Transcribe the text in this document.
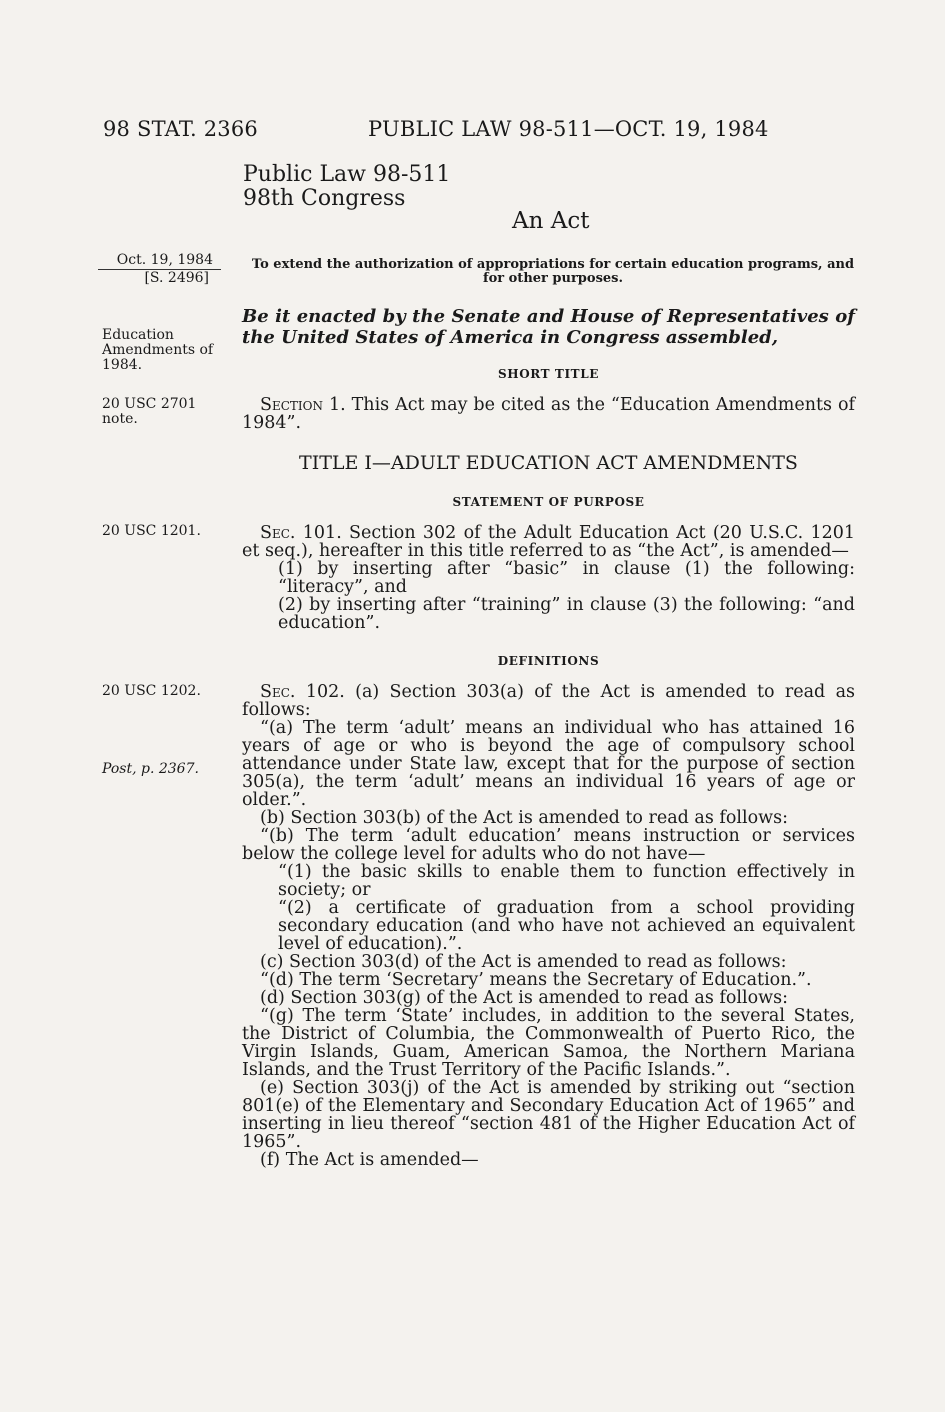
98 STAT. 2366	PUBLIC LAW 98-511—OCT. 19, 1984
Public Law 98-511
98th Congress
An Act
Oct. 19, 1984
[S. 2496]
To extend the authorization of appropriations for certain education programs, and for other purposes.
Be it enacted by the Senate and House of Representatives of the United States of America in Congress assembled,
Education Amendments of 1984.
SHORT TITLE
20 USC 2701 note.
Section 1. This Act may be cited as the “Education Amendments of 1984”.
TITLE I—ADULT EDUCATION ACT AMENDMENTS
STATEMENT OF PURPOSE
20 USC 1201.	Sec. 101. Section 302 of the Adult Education Act (20 U.S.C. 1201 et seq.), hereafter in this title referred to as “the Act”, is amended—

(1) by inserting after “basic” in clause (1) the following: “literacy”, and

(2) by inserting after “training” in clause (3) the following: “and education”.

DEFINITIONS
20 USC 1202.
Post, p. 2367.

Sec. 102. (a) Section 303(a) of the Act is amended to read as follows:

“(a) The term ‘adult’ means an individual who has attained 16 years of age or who is beyond the age of compulsory school attendance under State law, except that for the purpose of section 305(a), the term ‘adult’ means an individual 16 years of age or older.”.

(b) Section 303(b) of the Act is amended to read as follows:

“(b) The term ‘adult education’ means instruction or services below the college level for adults who do not have—

“(1) the basic skills to enable them to function effectively in society; or

“(2) a certificate of graduation from a school providing secondary education (and who have not achieved an equivalent level of education).”.

(c) Section 303(d) of the Act is amended to read as follows:

“(d) The term ‘Secretary’ means the Secretary of Education.”.

(d) Section 303(g) of the Act is amended to read as follows:

“(g) The term ‘State’ includes, in addition to the several States, the District of Columbia, the Commonwealth of Puerto Rico, the Virgin Islands, Guam, American Samoa, the Northern Mariana Islands, and the Trust Territory of the Pacific Islands.”.

(e) Section 303(j) of the Act is amended by striking out “section 801(e) of the Elementary and Secondary Education Act of 1965” and inserting in lieu thereof “section 481 of the Higher Education Act of 1965”.

(f) The Act is amended—
